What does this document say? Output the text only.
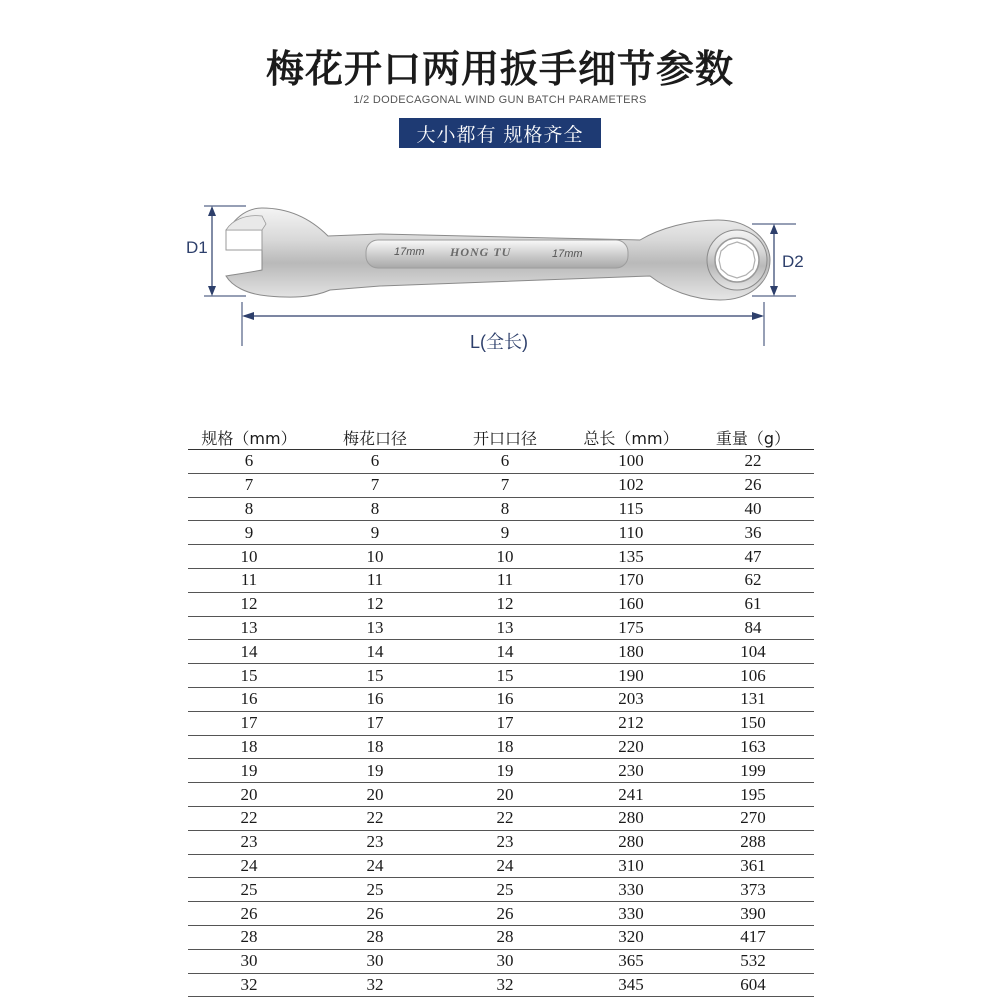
梅花开口两用扳手细节参数
1/2 DODECAGONAL WIND GUN BATCH PARAMETERS
大小都有 规格齐全
D1
D2
L(全长)
17mm HONG TU	17mm
规格（mm）	梅花口径	开口口径	总长（mm）	重量（g）
6	6	6	100	22
7	7	7	102	26
8	8	8	115	40
9	9	9	110	36
10	10	10	135	47
11	11	11	170	62
12	12	12	160	61
13	13	13	175	84
14	14	14	180	104
15	15	15	190	106
16	16	16	203	131
17	17	17	212	150
18	18	18	220	163
19	19	19	230	199
20	20	20	241	195
22	22	22	280	270
23	23	23	280	288
24	24	24	310	361
25	25	25	330	373
26	26	26	330	390
28	28	28	320	417
30	30	30	365	532
32	32	32	345	604
